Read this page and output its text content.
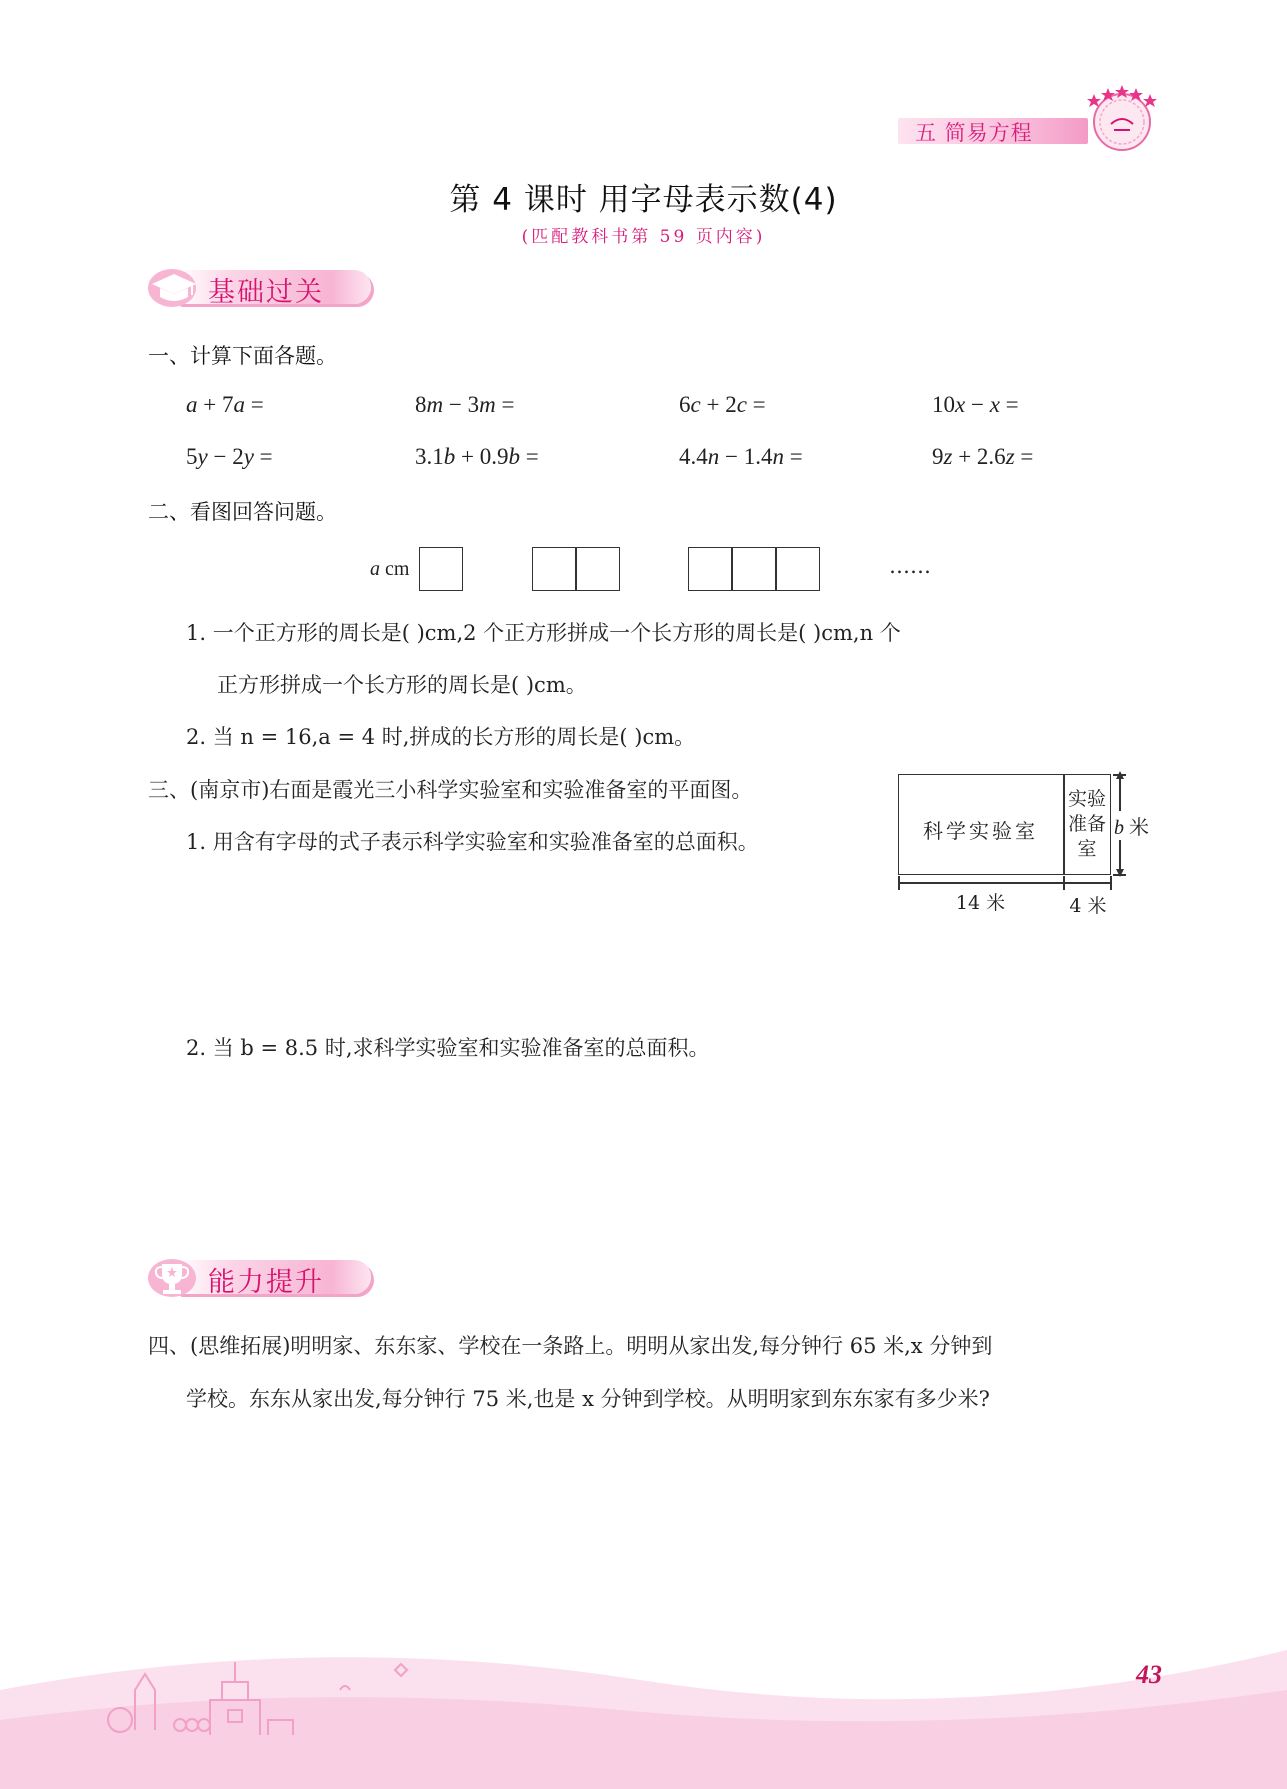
五 简易方程
第 4 课时 用字母表示数(4)
(匹配教科书第 59 页内容)
基础过关
一、计算下面各题。
a + 7a =	8m − 3m =	6c + 2c =	10x − x =
5y − 2y =	3.1b + 0.9b =	4.4n − 1.4n =	9z + 2.6z =
二、看图回答问题。
a cm	……
1. 一个正方形的周长是( )cm,2 个正方形拼成一个长方形的周长是( )cm,n 个
正方形拼成一个长方形的周长是( )cm。
2. 当 n = 16,a = 4 时,拼成的长方形的周长是( )cm。
三、(南京市)右面是霞光三小科学实验室和实验准备室的平面图。
1. 用含有字母的式子表示科学实验室和实验准备室的总面积。	科学实验室
实验
准备
室
b 米
14 米	4 米
2. 当 b = 8.5 时,求科学实验室和实验准备室的总面积。
能力提升
四、(思维拓展)明明家、东东家、学校在一条路上。明明从家出发,每分钟行 65 米,x 分钟到
学校。东东从家出发,每分钟行 75 米,也是 x 分钟到学校。从明明家到东东家有多少米?
43
